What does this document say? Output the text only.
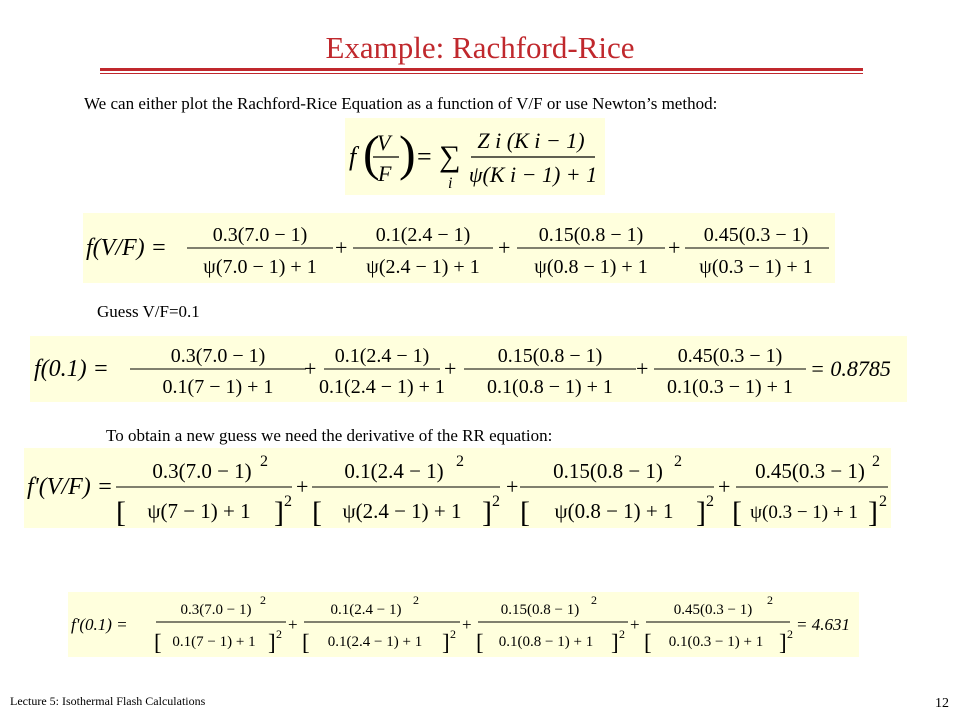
Example: Rachford-Rice
We can either plot the Rachford-Rice Equation as a function of V/F or use Newton’s method:
f (
V
F ) = ∑
i
Z i (K i − 1)
ψ(K i − 1) + 1
f(V/F) = 0.3(7.0 − 1)
ψ(7.0 − 1) + 1
+ 0.1(2.4 − 1)
ψ(2.4 − 1) + 1
+ 0.15(0.8 − 1)
ψ(0.8 − 1) + 1
+ 0.45(0.3 − 1)
ψ(0.3 − 1) + 1
Guess V/F=0.1
f(0.1) =	0.3(7.0 − 1)
0.1(7 − 1) + 1
+ 0.1(2.4 − 1)
0.1(2.4 − 1) + 1
+ 0.15(0.8 − 1)
0.1(0.8 − 1) + 1
+ 0.45(0.3 − 1)
0.1(0.3 − 1) + 1
= 0.8785
To obtain a new guess we need the derivative of the RR equation:
f'(V/F) =
0.3(7.0 − 1) 2
[ ψ(7 − 1) + 1 ] 2
+
0.1(2.4 − 1) 2
[ ψ(2.4 − 1) + 1 ] 2
+
0.15(0.8 − 1) 2
[ ψ(0.8 − 1) + 1 ] 2
+
0.45(0.3 − 1) 2
[ ψ(0.3 − 1) + 1 ] 2
f'(0.1) =
0.3(7.0 − 1)
2
[ 0.1(7 − 1) + 1 ] 2 +
0.1(2.4 − 1)
2
[ 0.1(2.4 − 1) + 1 ] 2 +
0.15(0.8 − 1)
2
[ 0.1(0.8 − 1) + 1 ] 2 +
0.45(0.3 − 1)
2
[ 0.1(0.3 − 1) + 1 ] 2 = 4.631
Lecture 5: Isothermal Flash Calculations	12
